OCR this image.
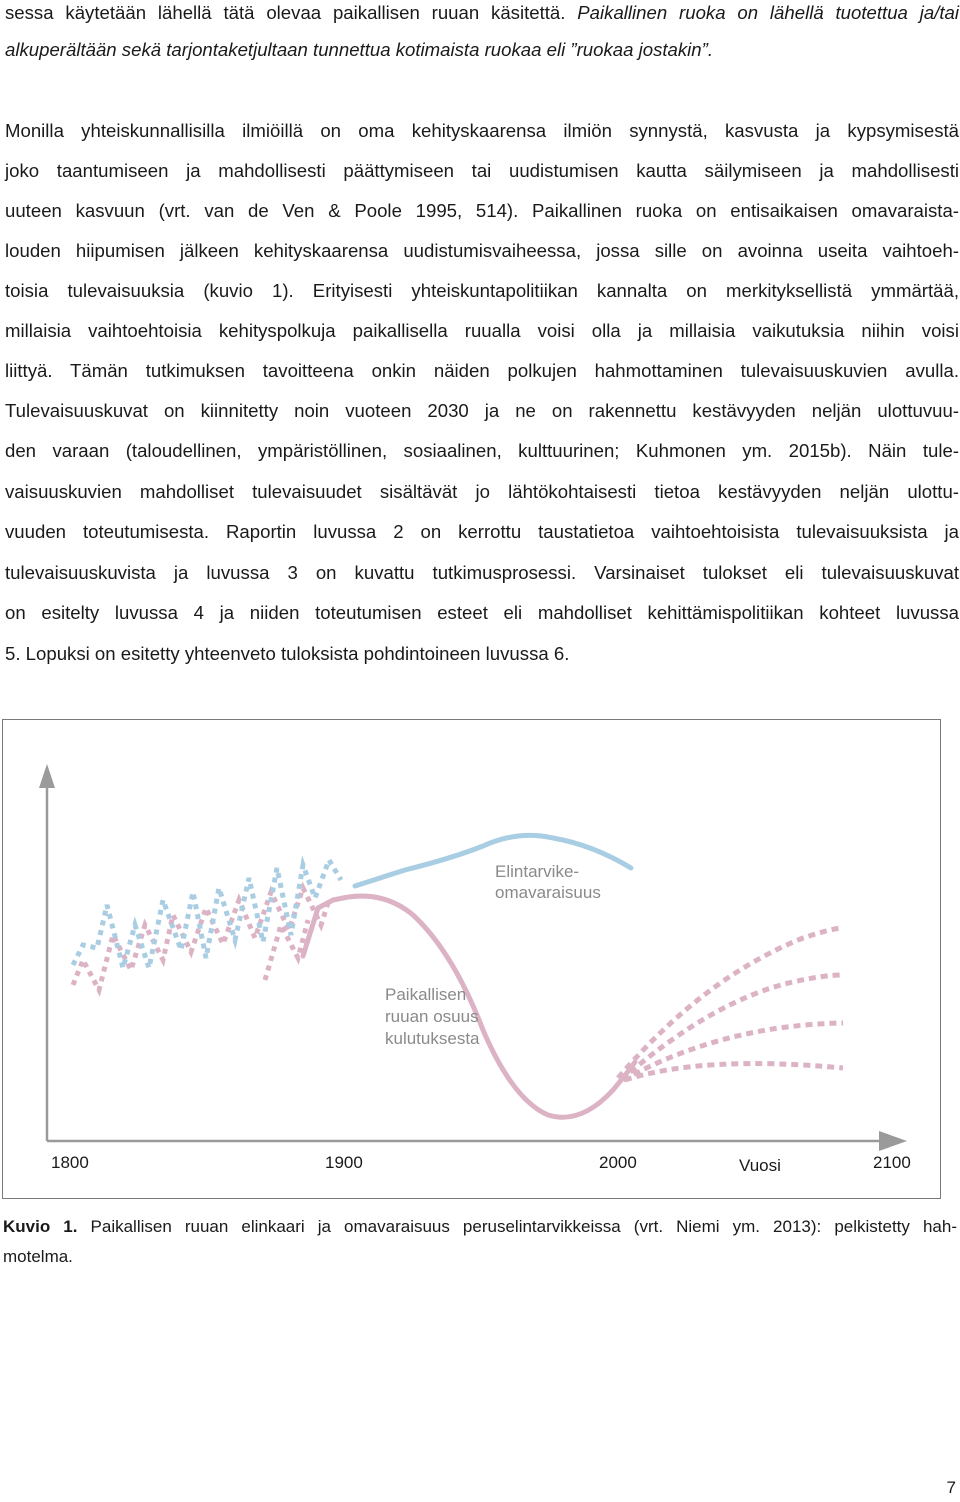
sessa käytetään lähellä tätä olevaa paikallisen ruuan käsitettä. Paikallinen ruoka on lähellä tuotettua ja/tai
alkuperältään sekä tarjontaketjultaan tunnettua kotimaista ruokaa eli ”ruokaa jostakin”.
Monilla yhteiskunnallisilla ilmiöillä on oma kehityskaarensa ilmiön synnystä, kasvusta ja kypsymisestä
joko taantumiseen ja mahdollisesti päättymiseen tai uudistumisen kautta säilymiseen ja mahdollisesti
uuteen kasvuun (vrt. van de Ven & Poole 1995, 514). Paikallinen ruoka on entisaikaisen omavaraista-
louden hiipumisen jälkeen kehityskaarensa uudistumisvaiheessa, jossa sille on avoinna useita vaihtoeh-
toisia tulevaisuuksia (kuvio 1). Erityisesti yhteiskuntapolitiikan kannalta on merkityksellistä ymmärtää,
millaisia vaihtoehtoisia kehityspolkuja paikallisella ruualla voisi olla ja millaisia vaikutuksia niihin voisi
liittyä. Tämän tutkimuksen tavoitteena onkin näiden polkujen hahmottaminen tulevaisuuskuvien avulla.
Tulevaisuuskuvat on kiinnitetty noin vuoteen 2030 ja ne on rakennettu kestävyyden neljän ulottuvuu-
den varaan (taloudellinen, ympäristöllinen, sosiaalinen, kulttuurinen; Kuhmonen ym. 2015b). Näin tule-
vaisuuskuvien mahdolliset tulevaisuudet sisältävät jo lähtökohtaisesti tietoa kestävyyden neljän ulottu-
vuuden toteutumisesta. Raportin luvussa 2 on kerrottu taustatietoa vaihtoehtoisista tulevaisuuksista ja
tulevaisuuskuvista ja luvussa 3 on kuvattu tutkimusprosessi. Varsinaiset tulokset eli tulevaisuuskuvat
on esitelty luvussa 4 ja niiden toteutumisen esteet eli mahdolliset kehittämispolitiikan kohteet luvussa
5. Lopuksi on esitetty yhteenveto tuloksista pohdintoineen luvussa 6.
Elintarvike-
omavaraisuus
Paikallisen
ruuan osuus
kulutuksesta
1800	1900	2000	Vuosi	2100
Kuvio 1. Paikallisen ruuan elinkaari ja omavaraisuus peruselintarvikkeissa (vrt. Niemi ym. 2013): pelkistetty hah-
motelma.
7
